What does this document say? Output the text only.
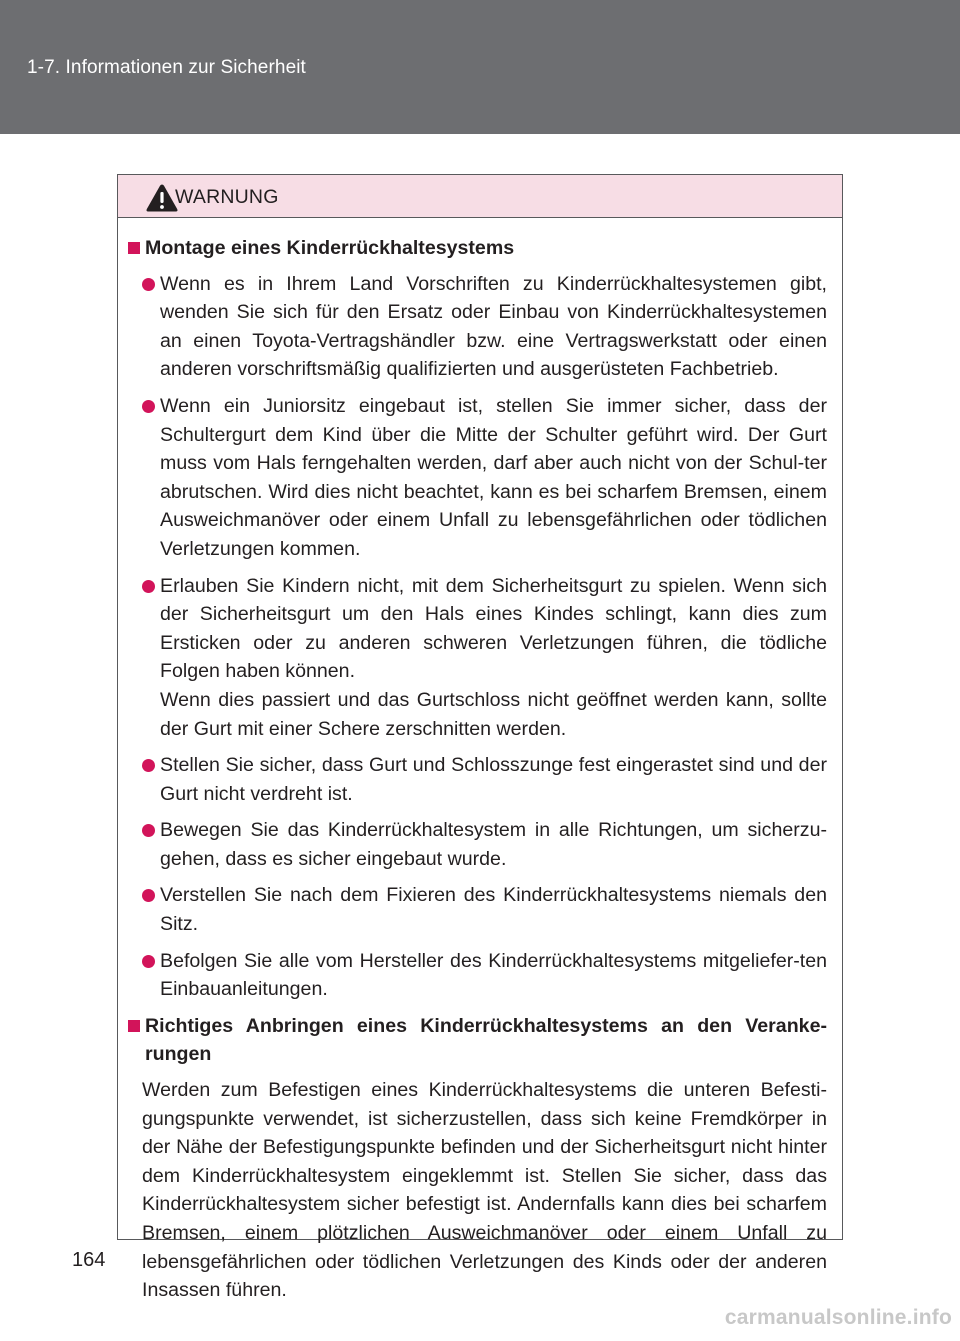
1-7. Informationen zur Sicherheit
WARNUNG
Montage eines Kinderrückhaltesystems
Wenn es in Ihrem Land Vorschriften zu Kinderrückhaltesystemen gibt, wenden Sie sich für den Ersatz oder Einbau von Kinderrückhaltesystemen an einen Toyota-Vertragshändler bzw. eine Vertragswerkstatt oder einen anderen vorschriftsmäßig qualifizierten und ausgerüsteten Fachbetrieb.
Wenn ein Juniorsitz eingebaut ist, stellen Sie immer sicher, dass der Schultergurt dem Kind über die Mitte der Schulter geführt wird. Der Gurt muss vom Hals ferngehalten werden, darf aber auch nicht von der Schul-ter abrutschen. Wird dies nicht beachtet, kann es bei scharfem Bremsen, einem Ausweichmanöver oder einem Unfall zu lebensgefährlichen oder tödlichen Verletzungen kommen.
Erlauben Sie Kindern nicht, mit dem Sicherheitsgurt zu spielen. Wenn sich der Sicherheitsgurt um den Hals eines Kindes schlingt, kann dies zum Ersticken oder zu anderen schweren Verletzungen führen, die tödliche Folgen haben können.
Wenn dies passiert und das Gurtschloss nicht geöffnet werden kann, sollte der Gurt mit einer Schere zerschnitten werden.
Stellen Sie sicher, dass Gurt und Schlosszunge fest eingerastet sind und der Gurt nicht verdreht ist.
Bewegen Sie das Kinderrückhaltesystem in alle Richtungen, um sicherzu-gehen, dass es sicher eingebaut wurde.
Verstellen Sie nach dem Fixieren des Kinderrückhaltesystems niemals den Sitz.
Befolgen Sie alle vom Hersteller des Kinderrückhaltesystems mitgeliefer-ten Einbauanleitungen.
Richtiges Anbringen eines Kinderrückhaltesystems an den Veranke-rungen
Werden zum Befestigen eines Kinderrückhaltesystems die unteren Befesti-gungspunkte verwendet, ist sicherzustellen, dass sich keine Fremdkörper in der Nähe der Befestigungspunkte befinden und der Sicherheitsgurt nicht hinter dem Kinderrückhaltesystem eingeklemmt ist. Stellen Sie sicher, dass das Kinderrückhaltesystem sicher befestigt ist. Andernfalls kann dies bei scharfem Bremsen, einem plötzlichen Ausweichmanöver oder einem Unfall zu lebensgefährlichen oder tödlichen Verletzungen des Kinds oder der anderen Insassen führen.
164
carmanualsonline.info
